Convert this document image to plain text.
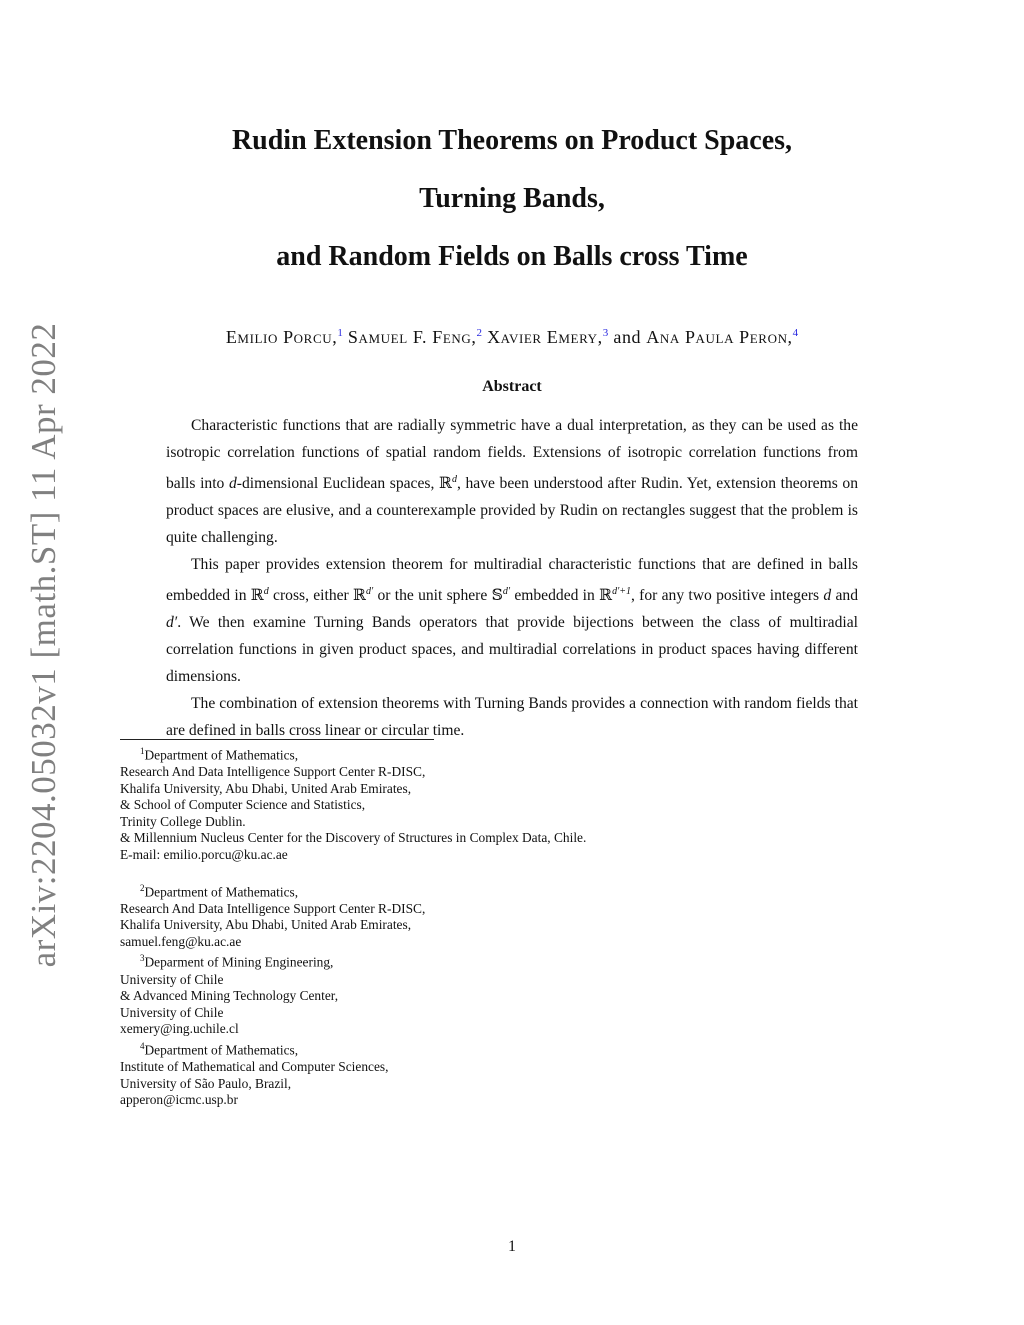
arXiv:2204.05032v1 [math.ST] 11 Apr 2022
Rudin Extension Theorems on Product Spaces,
Turning Bands,
and Random Fields on Balls cross Time
Emilio Porcu,$^1$ Samuel F. Feng,$^2$ Xavier Emery,$^3$ and Ana Paula Peron,$^4$
Abstract

Characteristic functions that are radially symmetric have a dual interpretation, as they can be used as the isotropic correlation functions of spatial random fields. Extensions of isotropic correlation functions from balls into d-dimensional Euclidean spaces, ℝ$^d$, have been understood after Rudin. Yet, extension theorems on product spaces are elusive, and a counterexample provided by Rudin on rectangles suggest that the problem is quite challenging.

This paper provides extension theorem for multiradial characteristic functions that are defined in balls embedded in ℝ$^d$ cross, either ℝ$^{d'}$ or the unit sphere 𝕊$^{d'}$ embedded in ℝ$^{d'+1}$, for any two positive integers d and d′. We then examine Turning Bands operators that provide bijections between the class of multiradial correlation functions in given product spaces, and multiradial correlations in product spaces having different dimensions.

The combination of extension theorems with Turning Bands provides a connection with random fields that are defined in balls cross linear or circular time.

$^1$Department of Mathematics,
Research And Data Intelligence Support Center R-DISC,
Khalifa University, Abu Dhabi, United Arab Emirates,
& School of Computer Science and Statistics,
Trinity College Dublin.
& Millennium Nucleus Center for the Discovery of Structures in Complex Data, Chile.
E-mail: emilio.porcu@ku.ac.ae
$^2$Department of Mathematics,
Research And Data Intelligence Support Center R-DISC,
Khalifa University, Abu Dhabi, United Arab Emirates,
samuel.feng@ku.ac.ae
$^3$Deparment of Mining Engineering,
University of Chile
& Advanced Mining Technology Center,
University of Chile
xemery@ing.uchile.cl
$^4$Department of Mathematics,
Institute of Mathematical and Computer Sciences,
University of São Paulo, Brazil,
apperon@icmc.usp.br
1
